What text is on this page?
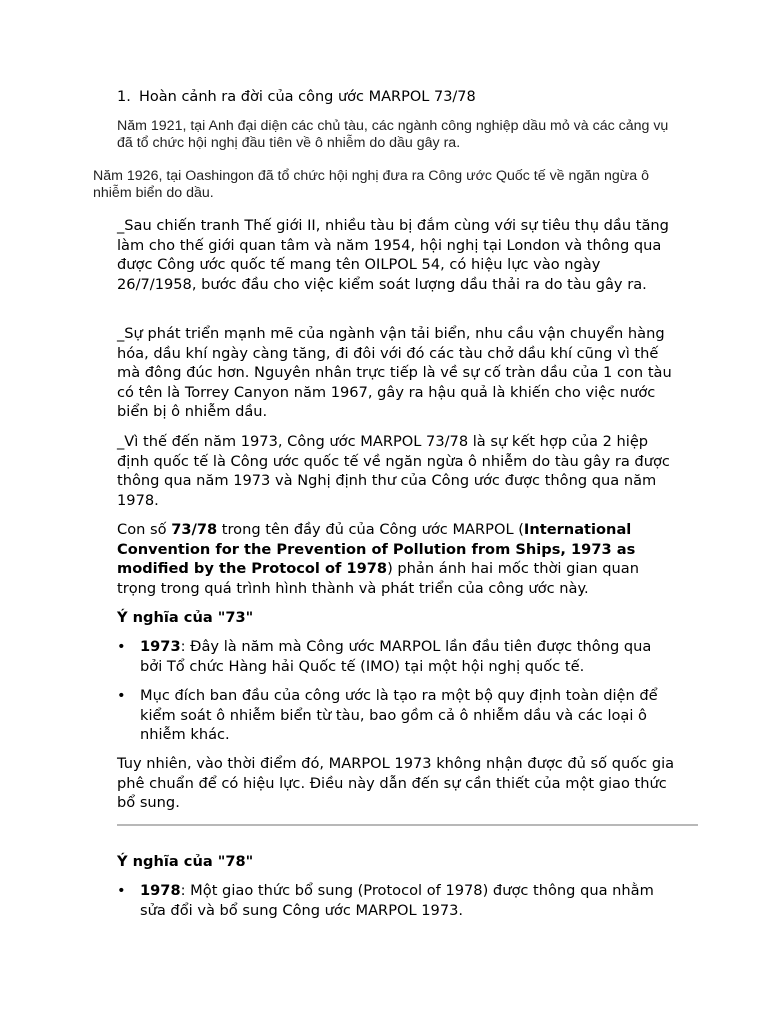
1. Hoàn cảnh ra đời của công ước MARPOL 73/78
Năm 1921, tại Anh đại diện các chủ tàu, các ngành công nghiệp dầu mỏ và các cảng vụ đã tổ chức hội nghị đầu tiên về ô nhiễm do dầu gây ra.
Năm 1926, tại Oashingon đã tổ chức hội nghị đưa ra Công ước Quốc tế về ngăn ngừa ô nhiễm biển do dầu.

_Sau chiến tranh Thế giới II, nhiều tàu bị đắm cùng với sự tiêu thụ dầu tăng làm cho thế giới quan tâm và năm 1954, hội nghị tại London và thông qua được Công ước quốc tế mang tên OILPOL 54, có hiệu lực vào ngày 26/7/1958, bước đầu cho việc kiểm soát lượng dầu thải ra do tàu gây ra.

_Sự phát triển mạnh mẽ của ngành vận tải biển, nhu cầu vận chuyển hàng hóa, dầu khí ngày càng tăng, đi đôi với đó các tàu chở dầu khí cũng vì thế mà đông đúc hơn. Nguyên nhân trực tiếp là về sự cố tràn dầu của 1 con tàu có tên là Torrey Canyon năm 1967, gây ra hậu quả là khiến cho việc nước biển bị ô nhiễm dầu.

_Vì thế đến năm 1973, Công ước MARPOL 73/78 là sự kết hợp của 2 hiệp định quốc tế là Công ước quốc tế về ngăn ngừa ô nhiễm do tàu gây ra được thông qua năm 1973 và Nghị định thư của Công ước được thông qua năm 1978.

Con số 73/78 trong tên đầy đủ của Công ước MARPOL (International Convention for the Prevention of Pollution from Ships, 1973 as modified by the Protocol of 1978) phản ánh hai mốc thời gian quan trọng trong quá trình hình thành và phát triển của công ước này.

Ý nghĩa của "73"

• 1973: Đây là năm mà Công ước MARPOL lần đầu tiên được thông qua bởi Tổ chức Hàng hải Quốc tế (IMO) tại một hội nghị quốc tế.
• Mục đích ban đầu của công ước là tạo ra một bộ quy định toàn diện để kiểm soát ô nhiễm biển từ tàu, bao gồm cả ô nhiễm dầu và các loại ô nhiễm khác.

Tuy nhiên, vào thời điểm đó, MARPOL 1973 không nhận được đủ số quốc gia phê chuẩn để có hiệu lực. Điều này dẫn đến sự cần thiết của một giao thức bổ sung.

Ý nghĩa của "78"

• 1978: Một giao thức bổ sung (Protocol of 1978) được thông qua nhằm sửa đổi và bổ sung Công ước MARPOL 1973.
